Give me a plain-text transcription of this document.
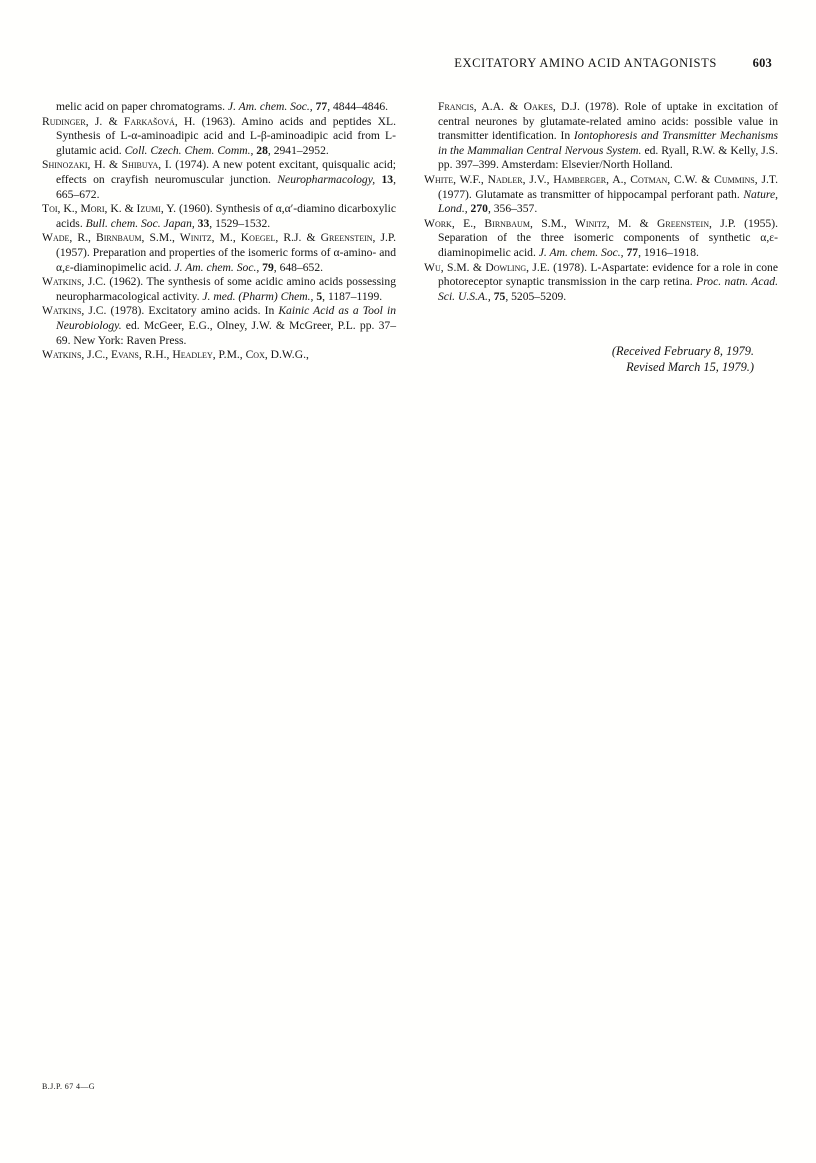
EXCITATORY AMINO ACID ANTAGONISTS	603

melic acid on paper chromatograms. J. Am. chem. Soc., 77, 4844–4846.

Rudinger, J. & Farkašová, H. (1963). Amino acids and peptides XL. Synthesis of L-α-aminoadipic acid and L-β-aminoadipic acid from L-glutamic acid. Coll. Czech. Chem. Comm., 28, 2941–2952.

Shinozaki, H. & Shibuya, I. (1974). A new potent excitant, quisqualic acid; effects on crayfish neuromuscular junction. Neuropharmacology, 13, 665–672.

Toi, K., Mori, K. & Izumi, Y. (1960). Synthesis of α,α′-diamino dicarboxylic acids. Bull. chem. Soc. Japan, 33, 1529–1532.

Wade, R., Birnbaum, S.M., Winitz, M., Koegel, R.J. & Greenstein, J.P. (1957). Preparation and properties of the isomeric forms of α-amino- and α,ε-diaminopimelic acid. J. Am. chem. Soc., 79, 648–652.

Watkins, J.C. (1962). The synthesis of some acidic amino acids possessing neuropharmacological activity. J. med. (Pharm) Chem., 5, 1187–1199.

Watkins, J.C. (1978). Excitatory amino acids. In Kainic Acid as a Tool in Neurobiology. ed. McGeer, E.G., Olney, J.W. & McGreer, P.L. pp. 37–69. New York: Raven Press.

Watkins, J.C., Evans, R.H., Headley, P.M., Cox, D.W.G.,

Francis, A.A. & Oakes, D.J. (1978). Role of uptake in excitation of central neurones by glutamate-related amino acids: possible value in transmitter identification. In Iontophoresis and Transmitter Mechanisms in the Mammalian Central Nervous System. ed. Ryall, R.W. & Kelly, J.S. pp. 397–399. Amsterdam: Elsevier/North Holland.

White, W.F., Nadler, J.V., Hamberger, A., Cotman, C.W. & Cummins, J.T. (1977). Glutamate as transmitter of hippocampal perforant path. Nature, Lond., 270, 356–357.

Work, E., Birnbaum, S.M., Winitz, M. & Greenstein, J.P. (1955). Separation of the three isomeric components of synthetic α,ε-diaminopimelic acid. J. Am. chem. Soc., 77, 1916–1918.

Wu, S.M. & Dowling, J.E. (1978). L-Aspartate: evidence for a role in cone photoreceptor synaptic transmission in the carp retina. Proc. natn. Acad. Sci. U.S.A., 75, 5205–5209.

(Received February 8, 1979.
Revised March 15, 1979.)
B.J.P. 67 4—G
